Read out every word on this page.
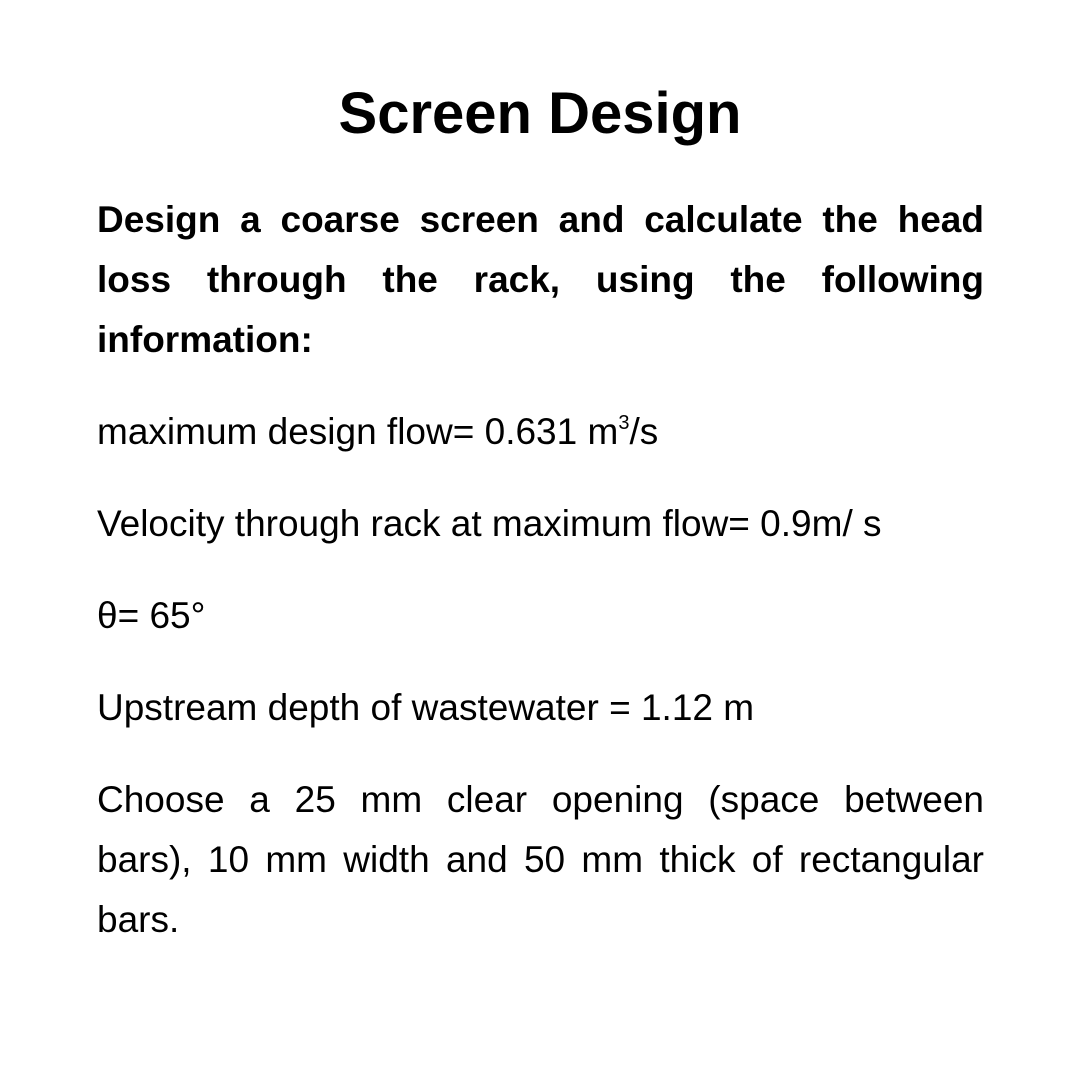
Screen Design

Design a coarse screen and calculate the head loss through the rack, using the following information:

maximum design flow= 0.631 $m^3/s$

Velocity through rack at maximum flow= 0.9m/ s

θ= 65°

Upstream depth of wastewater = 1.12 m

Choose a 25 mm clear opening (space between bars), 10 mm width and 50 mm thick of rectangular bars.
